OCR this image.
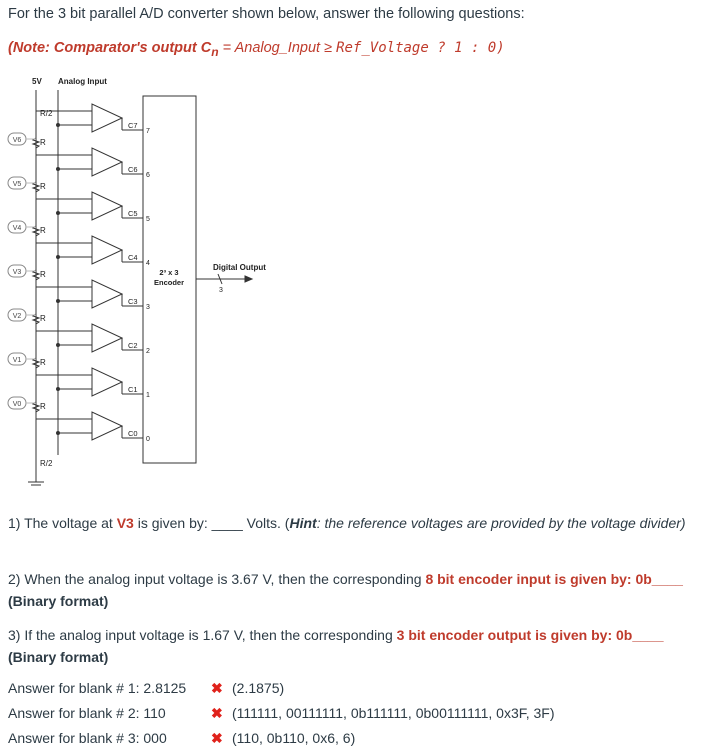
For the 3 bit parallel A/D converter shown below, answer the following questions:
(Note: Comparator's output $C_n$ = Analog_Input ≥ Ref_Voltage ? 1 : 0)
V6
V5
V4
V3
V2
V1
V0
5V Analog Input
R/2
R/2
2³ x 3
Encoder
Digital Output
3
C7
7
R
C6
6
R
C5
5
R
C4
4
R
C3
3
R
C2
2
R
C1
1
R
C0
0
1) The voltage at V3 is given by: ____ Volts. (Hint: the reference voltages are provided by the voltage divider)
2) When the analog input voltage is 3.67 V, then the corresponding 8 bit encoder input is given by: 0b____
(Binary format)
3) If the analog input voltage is 1.67 V, then the corresponding 3 bit encoder output is given by: 0b____
(Binary format)
Answer for blank # 1: 2.8125 ✖ (2.1875)
Answer for blank # 2: 110	✖ (111111, 00111111, 0b111111, 0b00111111, 0x3F, 3F)
Answer for blank # 3: 000	✖ (110, 0b110, 0x6, 6)
